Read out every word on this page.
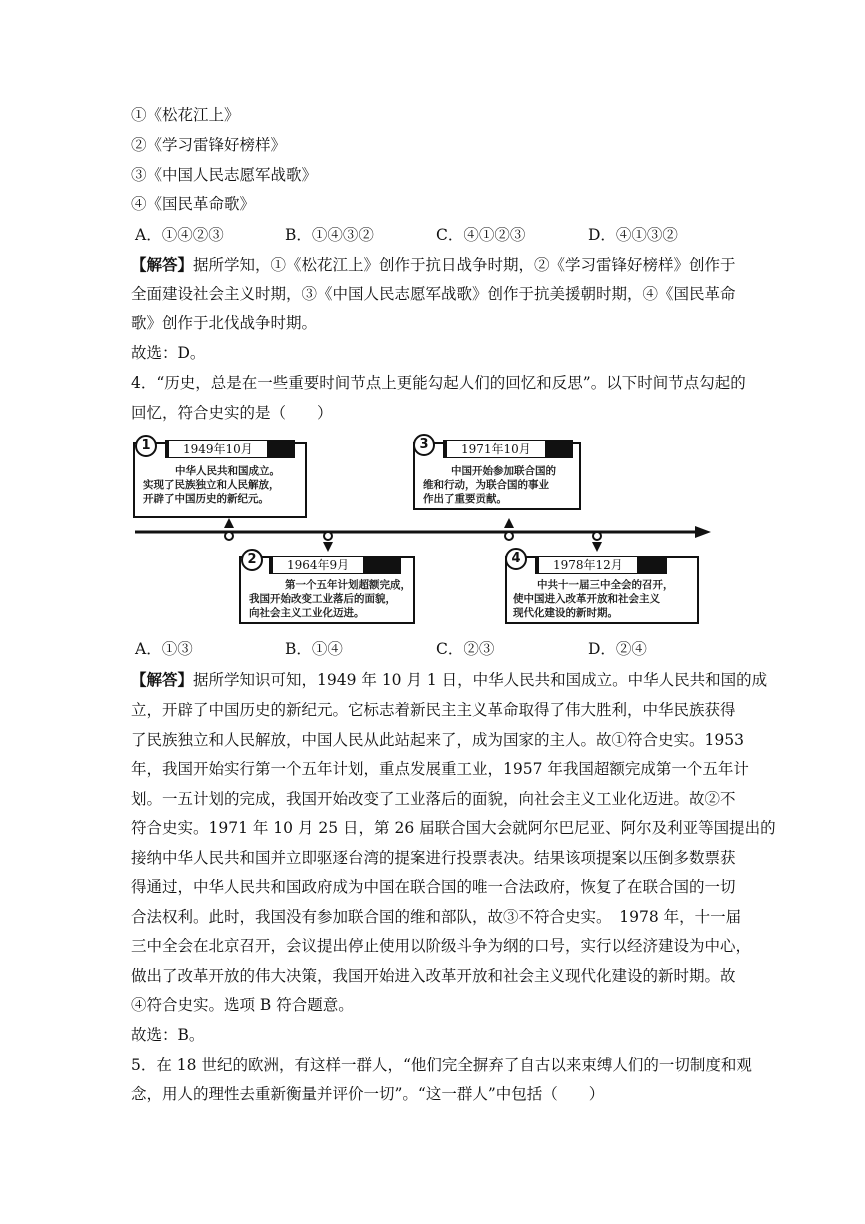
①《松花江上》
②《学习雷锋好榜样》
③《中国人民志愿军战歌》
④《国民革命歌》
A．①④②③	B．①④③②	C．④①②③	D．④①③②
【解答】据所学知，①《松花江上》创作于抗日战争时期，②《学习雷锋好榜样》创作于
全面建设社会主义时期，③《中国人民志愿军战歌》创作于抗美援朝时期，④《国民革命
歌》创作于北伐战争时期。
故选：D。
4．“历史，总是在一些重要时间节点上更能勾起人们的回忆和反思”。以下时间节点勾起的
回忆，符合史实的是（　　）
1	1949年10月
中华人民共和国成立。
实现了民族独立和人民解放，
开辟了中国历史的新纪元。
3	1971年10月
中国开始参加联合国的
维和行动，为联合国的事业
作出了重要贡献。
2	1964年9月
第一个五年计划超额完成，
我国开始改变工业落后的面貌，
向社会主义工业化迈进。
4	1978年12月
中共十一届三中全会的召开，
使中国进入改革开放和社会主义
现代化建设的新时期。
A．①③	B．①④	C．②③	D．②④
【解答】据所学知识可知，1949 年 10 月 1 日，中华人民共和国成立。中华人民共和国的成
立，开辟了中国历史的新纪元。它标志着新民主主义革命取得了伟大胜利，中华民族获得
了民族独立和人民解放，中国人民从此站起来了，成为国家的主人。故①符合史实。1953
年，我国开始实行第一个五年计划，重点发展重工业，1957 年我国超额完成第一个五年计
划。一五计划的完成，我国开始改变了工业落后的面貌，向社会主义工业化迈进。故②不
符合史实。1971 年 10 月 25 日，第 26 届联合国大会就阿尔巴尼亚、阿尔及利亚等国提出的
接纳中华人民共和国并立即驱逐台湾的提案进行投票表决。结果该项提案以压倒多数票获
得通过，中华人民共和国政府成为中国在联合国的唯一合法政府，恢复了在联合国的一切
合法权利。此时，我国没有参加联合国的维和部队，故③不符合史实。　1978 年，十一届
三中全会在北京召开，会议提出停止使用以阶级斗争为纲的口号，实行以经济建设为中心，
做出了改革开放的伟大决策，我国开始进入改革开放和社会主义现代化建设的新时期。故
④符合史实。选项 B 符合题意。
故选：B。
5．在 18 世纪的欧洲，有这样一群人，“他们完全摒弃了自古以来束缚人们的一切制度和观
念，用人的理性去重新衡量并评价一切”。“这一群人”中包括（　　）
